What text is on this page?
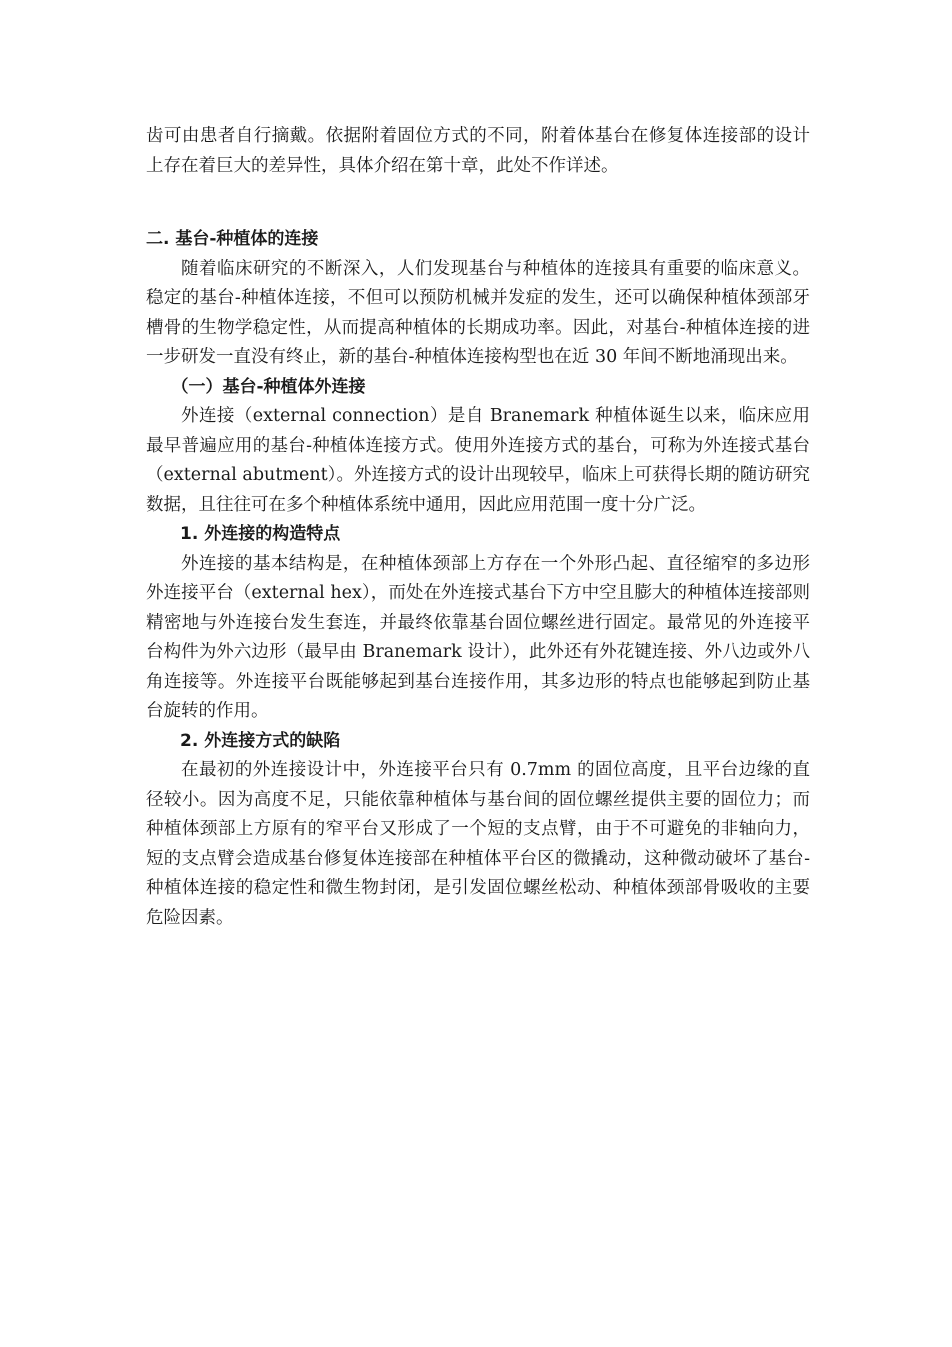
齿可由患者自行摘戴。依据附着固位方式的不同，附着体基台在修复体连接部的设计上存在着巨大的差异性，具体介绍在第十章，此处不作详述。

二. 基台-种植体的连接

随着临床研究的不断深入，人们发现基台与种植体的连接具有重要的临床意义。稳定的基台-种植体连接，不但可以预防机械并发症的发生，还可以确保种植体颈部牙槽骨的生物学稳定性，从而提高种植体的长期成功率。因此，对基台-种植体连接的进一步研发一直没有终止，新的基台-种植体连接构型也在近 30 年间不断地涌现出来。

（一）基台-种植体外连接

外连接（external connection）是自 Branemark 种植体诞生以来，临床应用最早普遍应用的基台-种植体连接方式。使用外连接方式的基台，可称为外连接式基台（external abutment）。外连接方式的设计出现较早，临床上可获得长期的随访研究数据，且往往可在多个种植体系统中通用，因此应用范围一度十分广泛。

1. 外连接的构造特点

外连接的基本结构是，在种植体颈部上方存在一个外形凸起、直径缩窄的多边形外连接平台（external hex），而处在外连接式基台下方中空且膨大的种植体连接部则精密地与外连接台发生套连，并最终依靠基台固位螺丝进行固定。最常见的外连接平台构件为外六边形（最早由 Branemark 设计），此外还有外花键连接、外八边或外八角连接等。外连接平台既能够起到基台连接作用，其多边形的特点也能够起到防止基台旋转的作用。

2. 外连接方式的缺陷

在最初的外连接设计中，外连接平台只有 0.7mm 的固位高度，且平台边缘的直径较小。因为高度不足，只能依靠种植体与基台间的固位螺丝提供主要的固位力；而种植体颈部上方原有的窄平台又形成了一个短的支点臂，由于不可避免的非轴向力，短的支点臂会造成基台修复体连接部在种植体平台区的微撬动，这种微动破坏了基台-种植体连接的稳定性和微生物封闭，是引发固位螺丝松动、种植体颈部骨吸收的主要危险因素。
